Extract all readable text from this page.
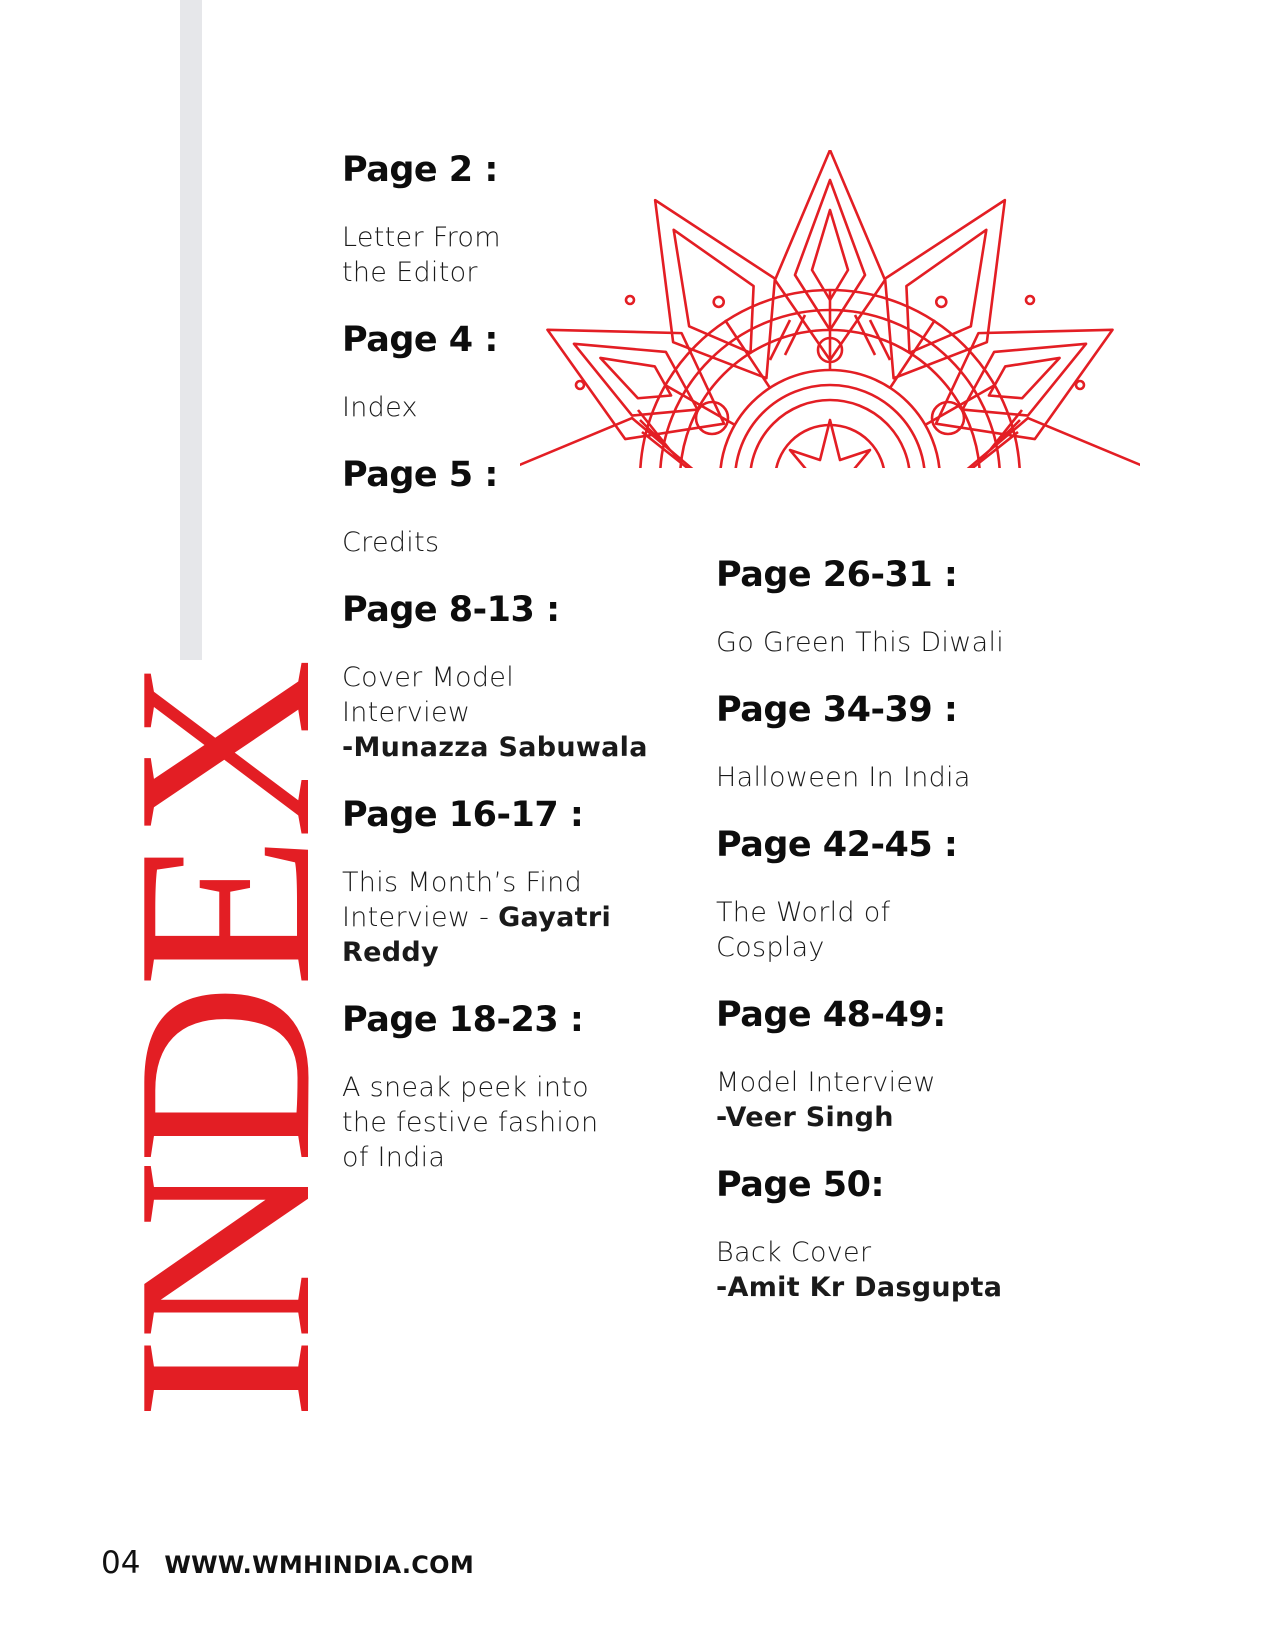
INDEX

Page 2 :

Letter From
the Editor

Page 4 :

Index

Page 5 :

Credits

Page 8-13 :

Cover Model
Interview
-Munazza Sabuwala

Page 16-17 :

This Month’s Find
Interview - Gayatri
Reddy

Page 18-23 :

A sneak peek into
the festive fashion
of India

Page 26-31 :

Go Green This Diwali

Page 34-39 :

Halloween In India

Page 42-45 :

The World of
Cosplay

Page 48-49:

Model Interview
-Veer Singh

Page 50:

Back Cover
-Amit Kr Dasgupta

04 WWW.WMHINDIA.COM
